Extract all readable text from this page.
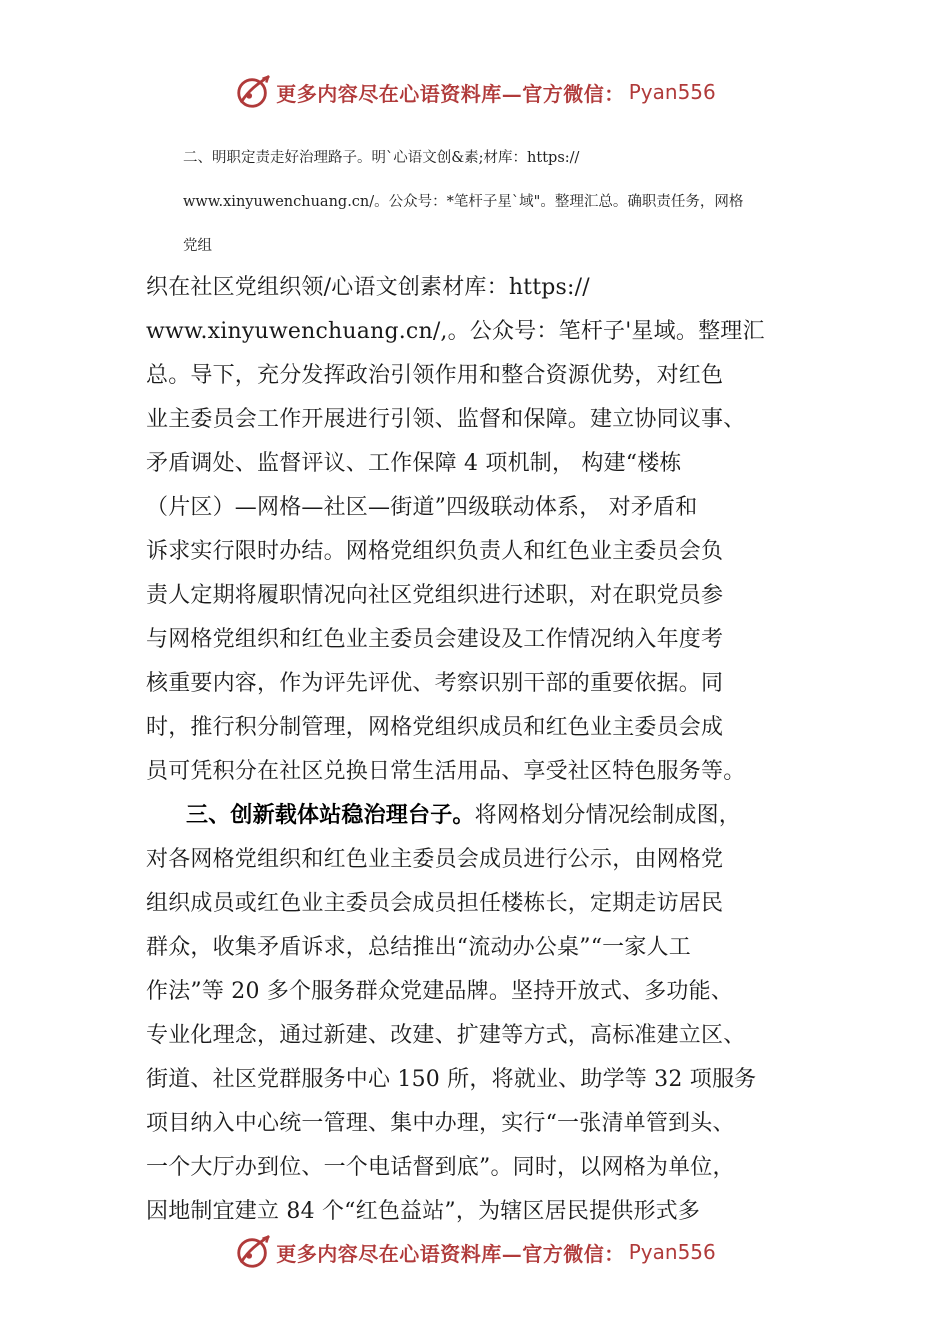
更多内容尽在心语资料库—官方微信： Pyan556
二、明职定责走好治理路子。明`心语文创&素;材库：https://
www.xinyuwenchuang.cn/。公众号：*笔杆子星`域"。整理汇总。确职责任务，网格
党组
织在社区党组织领/心语文创素材库：https://
www.xinyuwenchuang.cn/,。公众号：笔杆子'星域。整理汇
总。导下，充分发挥政治引领作用和整合资源优势，对红色
业主委员会工作开展进行引领、监督和保障。建立协同议事、
矛盾调处、监督评议、工作保障 4 项机制， 构建“楼栋
（片区）—网格—社区—街道”四级联动体系， 对矛盾和
诉求实行限时办结。网格党组织负责人和红色业主委员会负
责人定期将履职情况向社区党组织进行述职，对在职党员参
与网格党组织和红色业主委员会建设及工作情况纳入年度考
核重要内容，作为评先评优、考察识别干部的重要依据。同
时，推行积分制管理，网格党组织成员和红色业主委员会成
员可凭积分在社区兑换日常生活用品、享受社区特色服务等。
三、创新载体站稳治理台子。将网格划分情况绘制成图，
对各网格党组织和红色业主委员会成员进行公示，由网格党
组织成员或红色业主委员会成员担任楼栋长，定期走访居民
群众，收集矛盾诉求，总结推出“流动办公桌”“一家人工
作法”等 20 多个服务群众党建品牌。坚持开放式、多功能、
专业化理念，通过新建、改建、扩建等方式，高标准建立区、
街道、社区党群服务中心 150 所，将就业、助学等 32 项服务
项目纳入中心统一管理、集中办理，实行“一张清单管到头、
一个大厅办到位、一个电话督到底”。同时，以网格为单位，
因地制宜建立 84 个“红色益站”，为辖区居民提供形式多
更多内容尽在心语资料库—官方微信： Pyan556
